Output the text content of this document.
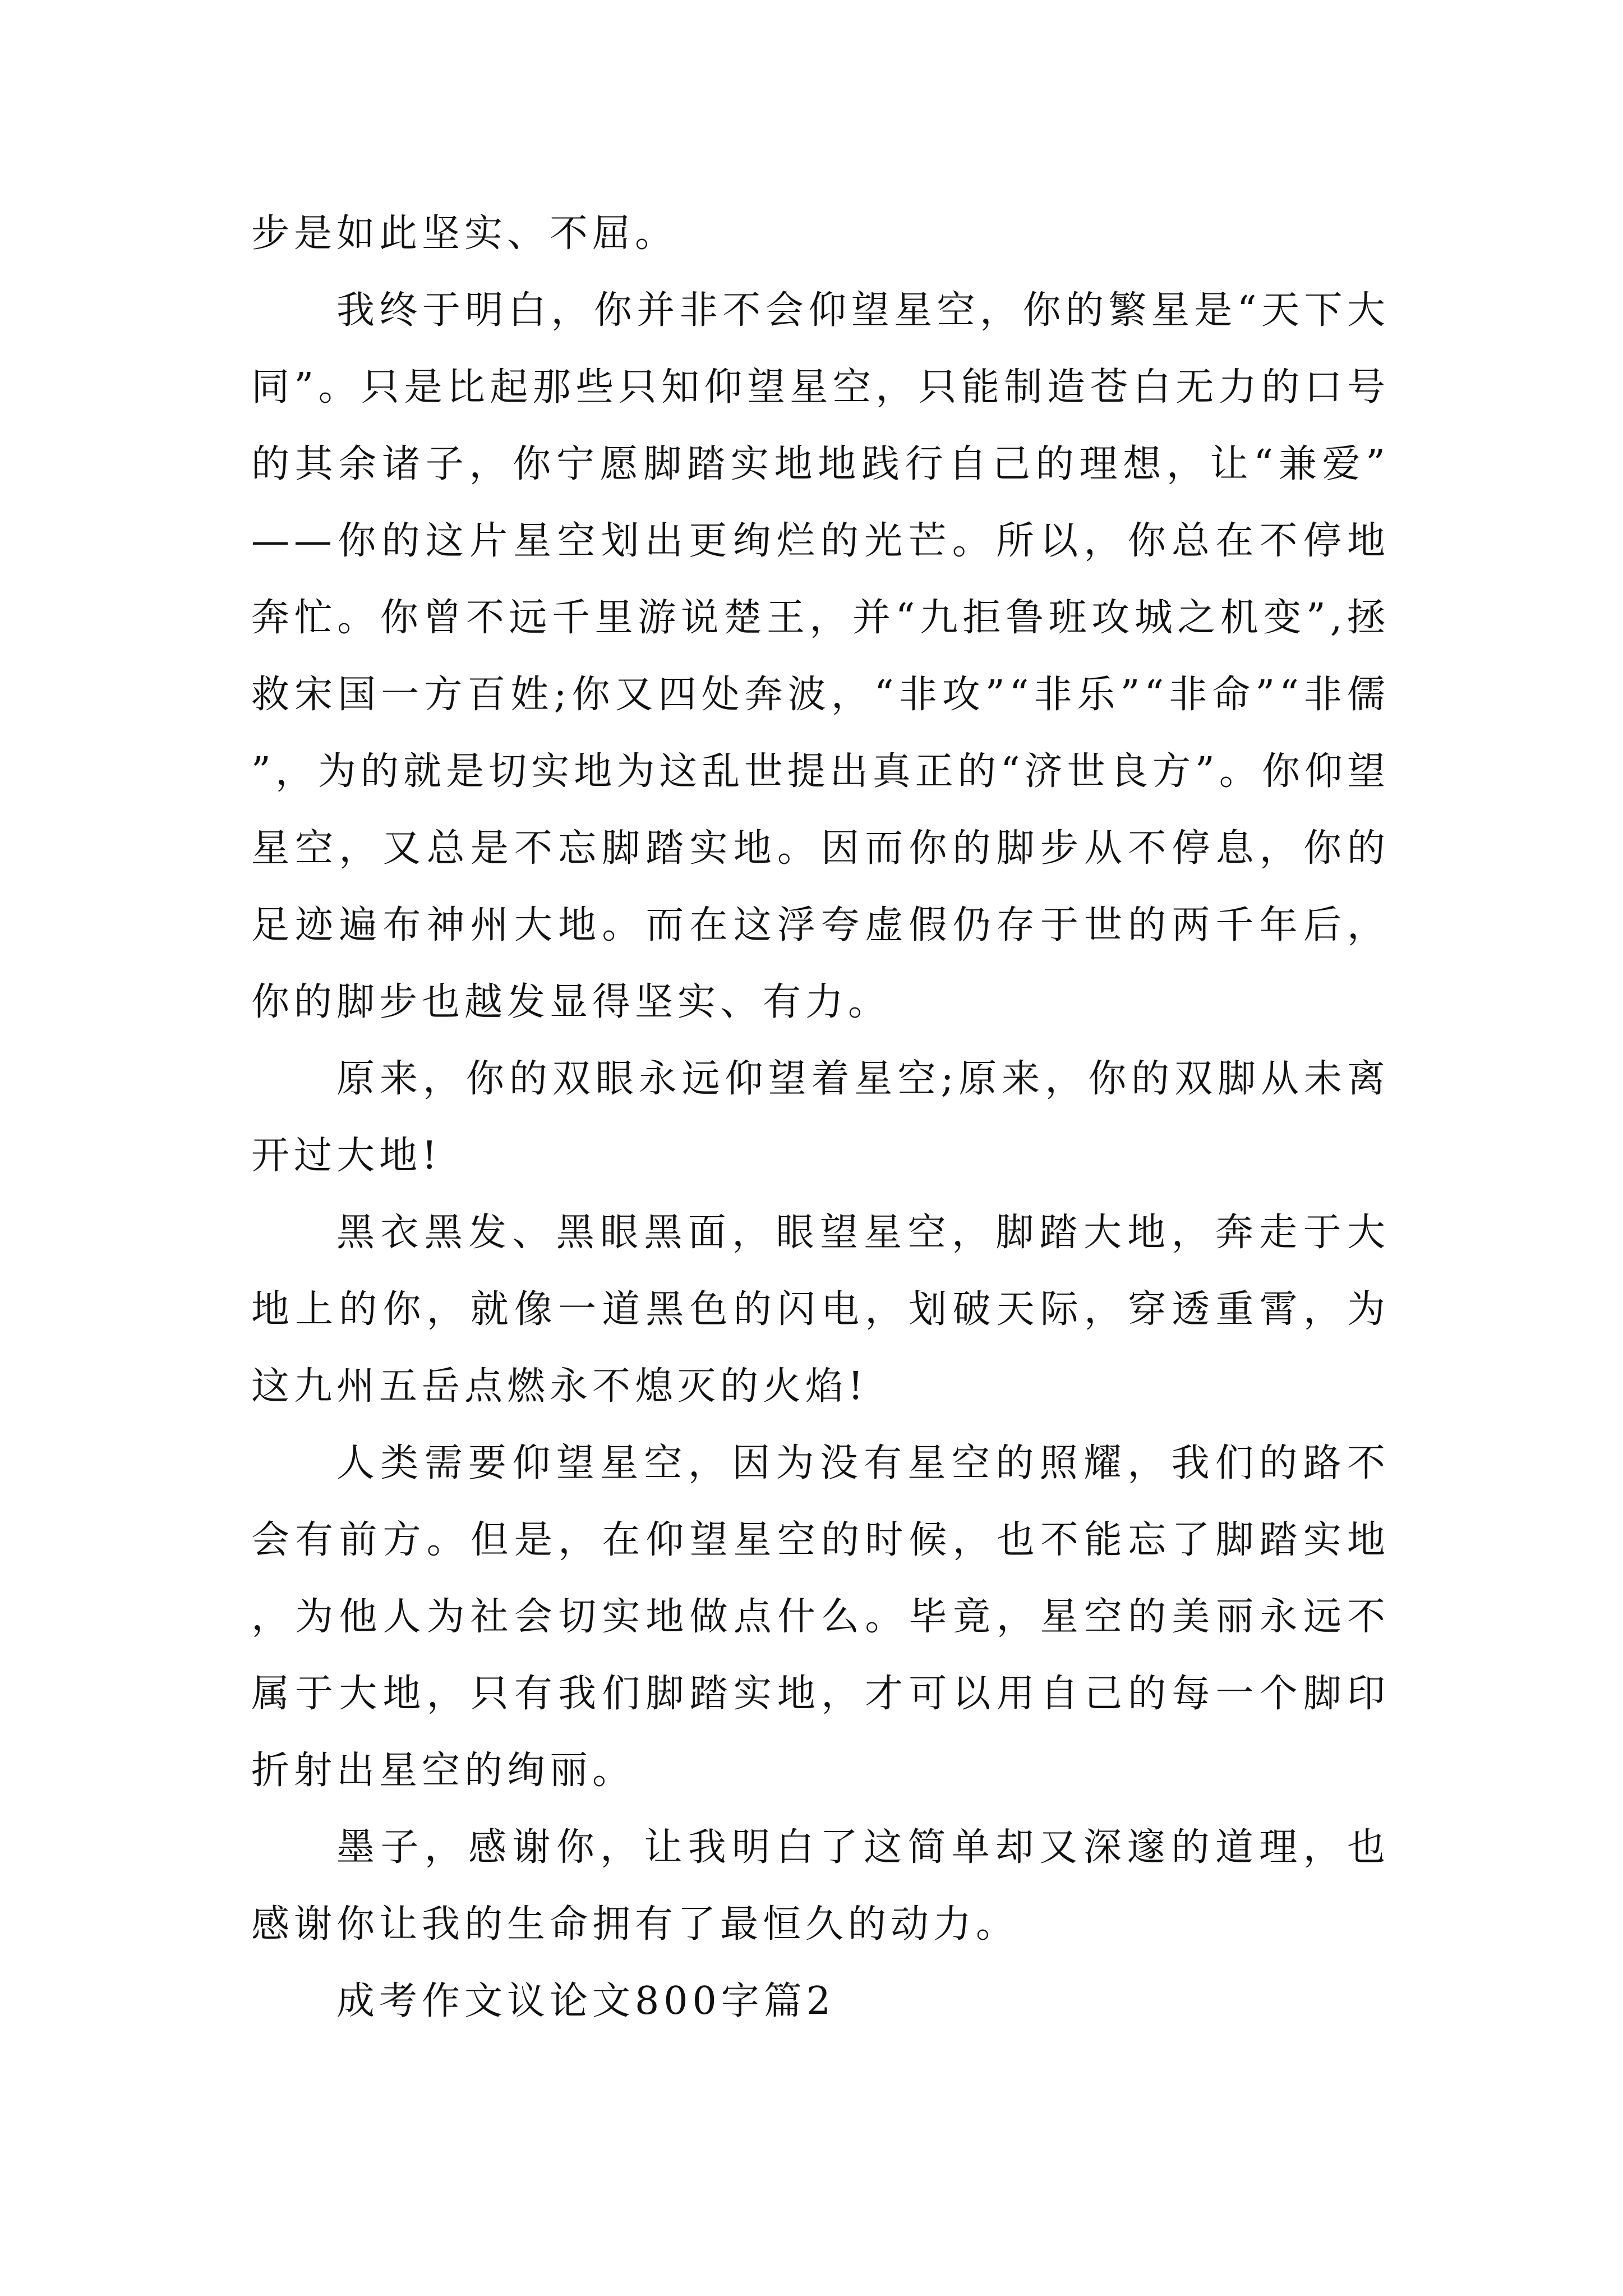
步是如此坚实、不屈。

我终于明白，你并非不会仰望星空，你的繁星是“天下大同”。只是比起那些只知仰望星空，只能制造苍白无力的口号的其余诸子，你宁愿脚踏实地地践行自己的理想，让“兼爱”——你的这片星空划出更绚烂的光芒。所以，你总在不停地奔忙。你曾不远千里游说楚王，并“九拒鲁班攻城之机变”,拯救宋国一方百姓;你又四处奔波，“非攻”“非乐”“非命”“非儒”，为的就是切实地为这乱世提出真正的“济世良方”。你仰望星空，又总是不忘脚踏实地。因而你的脚步从不停息，你的足迹遍布神州大地。而在这浮夸虚假仍存于世的两千年后，你的脚步也越发显得坚实、有力。

原来，你的双眼永远仰望着星空;原来，你的双脚从未离开过大地!

黑衣黑发、黑眼黑面，眼望星空，脚踏大地，奔走于大地上的你，就像一道黑色的闪电，划破天际，穿透重霄，为这九州五岳点燃永不熄灭的火焰!

人类需要仰望星空，因为没有星空的照耀，我们的路不会有前方。但是，在仰望星空的时候，也不能忘了脚踏实地，为他人为社会切实地做点什么。毕竟，星空的美丽永远不属于大地，只有我们脚踏实地，才可以用自己的每一个脚印折射出星空的绚丽。

墨子，感谢你，让我明白了这简单却又深邃的道理，也感谢你让我的生命拥有了最恒久的动力。

成考作文议论文800字篇2
